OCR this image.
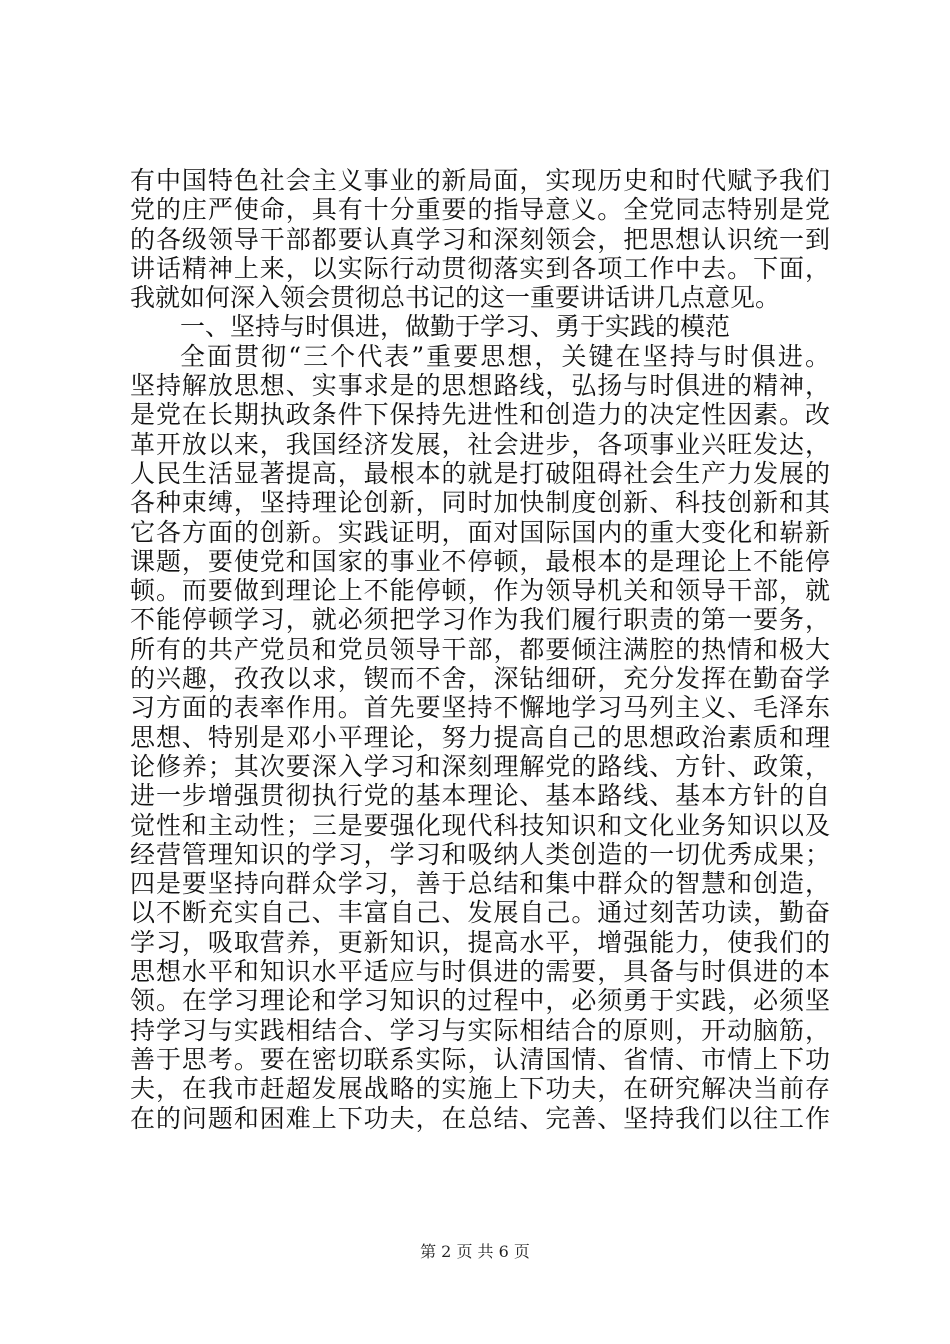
有中国特色社会主义事业的新局面，实现历史和时代赋予我们
党的庄严使命，具有十分重要的指导意义。全党同志特别是党
的各级领导干部都要认真学习和深刻领会，把思想认识统一到
讲话精神上来，以实际行动贯彻落实到各项工作中去。下面，
我就如何深入领会贯彻总书记的这一重要讲话讲几点意见。
一、坚持与时俱进，做勤于学习、勇于实践的模范
全面贯彻“三个代表”重要思想，关键在坚持与时俱进。
坚持解放思想、实事求是的思想路线，弘扬与时俱进的精神，
是党在长期执政条件下保持先进性和创造力的决定性因素。改
革开放以来，我国经济发展，社会进步，各项事业兴旺发达，
人民生活显著提高，最根本的就是打破阻碍社会生产力发展的
各种束缚，坚持理论创新，同时加快制度创新、科技创新和其
它各方面的创新。实践证明，面对国际国内的重大变化和崭新
课题，要使党和国家的事业不停顿，最根本的是理论上不能停
顿。而要做到理论上不能停顿，作为领导机关和领导干部，就
不能停顿学习，就必须把学习作为我们履行职责的第一要务，
所有的共产党员和党员领导干部，都要倾注满腔的热情和极大
的兴趣，孜孜以求，锲而不舍，深钻细研，充分发挥在勤奋学
习方面的表率作用。首先要坚持不懈地学习马列主义、毛泽东
思想、特别是邓小平理论，努力提高自己的思想政治素质和理
论修养；其次要深入学习和深刻理解党的路线、方针、政策，
进一步增强贯彻执行党的基本理论、基本路线、基本方针的自
觉性和主动性；三是要强化现代科技知识和文化业务知识以及
经营管理知识的学习，学习和吸纳人类创造的一切优秀成果；
四是要坚持向群众学习，善于总结和集中群众的智慧和创造，
以不断充实自己、丰富自己、发展自己。通过刻苦功读，勤奋
学习，吸取营养，更新知识，提高水平，增强能力，使我们的
思想水平和知识水平适应与时俱进的需要，具备与时俱进的本
领。在学习理论和学习知识的过程中，必须勇于实践，必须坚
持学习与实践相结合、学习与实际相结合的原则，开动脑筋，
善于思考。要在密切联系实际，认清国情、省情、市情上下功
夫，在我市赶超发展战略的实施上下功夫，在研究解决当前存
在的问题和困难上下功夫，在总结、完善、坚持我们以往工作
第 2 页 共 6 页
